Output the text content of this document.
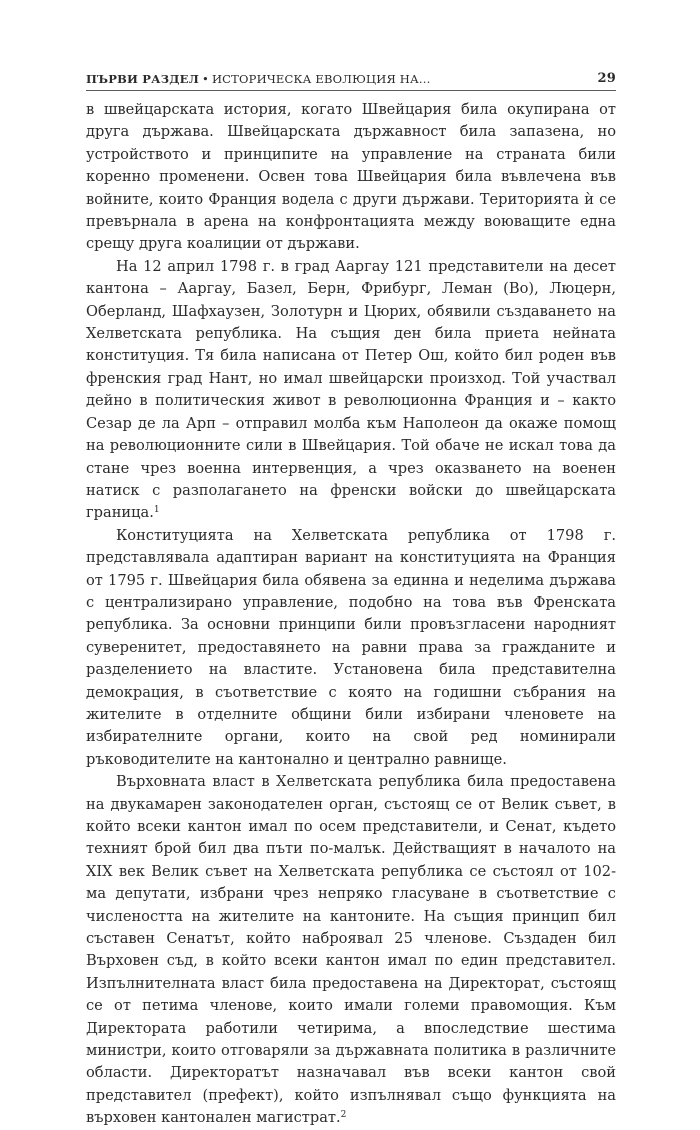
ПЪРВИ РАЗДЕЛ • ИСТОРИЧЕСКА ЕВОЛЮЦИЯ НА...	29

в швейцарската история, когато Швейцария била окупирана от друга държава. Швейцарската държавност била запазена, но устройството и принципите на управление на страната били коренно променени. Освен това Швейцария била въвлечена във войните, които Франция водела с други държави. Територията ѝ се превърнала в арена на конфронтацията между воюващите една срещу друга коалиции от държави.

На 12 април 1798 г. в град Ааргау 121 представители на десет кантона – Ааргау, Базел, Берн, Фрибург, Леман (Во), Люцерн, Оберланд, Шафхаузен, Золотурн и Цюрих, обявили създаването на Хелветската република. На същия ден била приета нейната конституция. Тя била написана от Петер Ош, който бил роден във френския град Нант, но имал швейцарски произход. Той участвал дейно в политическия живот в революционна Франция и – както Сезар де ла Арп – отправил молба към Наполеон да окаже помощ на революционните сили в Швейцария. Той обаче не искал това да стане чрез военна интервенция, а чрез оказването на военен натиск с разполагането на френски войски до швейцарската граница.$^1$

Конституцията на Хелветската република от 1798 г. представлявала адаптиран вариант на конституцията на Франция от 1795 г. Швейцария била обявена за единна и неделима държава с централизирано управление, подобно на това във Френската република. За основни принципи били провъзгласени народният суверенитет, предоставянето на равни права за гражданите и разделението на властите. Установена била представителна демокрация, в съответствие с която на годишни събрания на жителите в отделните общини били избирани членовете на избирателните органи, които на свой ред номинирали ръководителите на кантонално и централно равнище.

Върховната власт в Хелветската република била предоставена на двукамарен законодателен орган, състоящ се от Велик съвет, в който всеки кантон имал по осем представители, и Сенат, където техният брой бил два пъти по-малък. Действащият в началото на XIX век Велик съвет на Хелветската република се състоял от 102-ма депутати, избрани чрез непряко гласуване в съответствие с числеността на жителите на кантоните. На същия принцип бил съставен Сенатът, който наброявал 25 членове. Създаден бил Върховен съд, в който всеки кантон имал по един представител. Изпълнителната власт била предоставена на Директорат, състоящ се от петима членове, които имали големи правомощия. Към Директората работили четирима, а впоследствие шестима министри, които отговаряли за държавната политика в различните области. Директоратът назначавал във всеки кантон свой представител (префект), който изпълнявал също функцията на върховен кантонален магистрат.$^2$
